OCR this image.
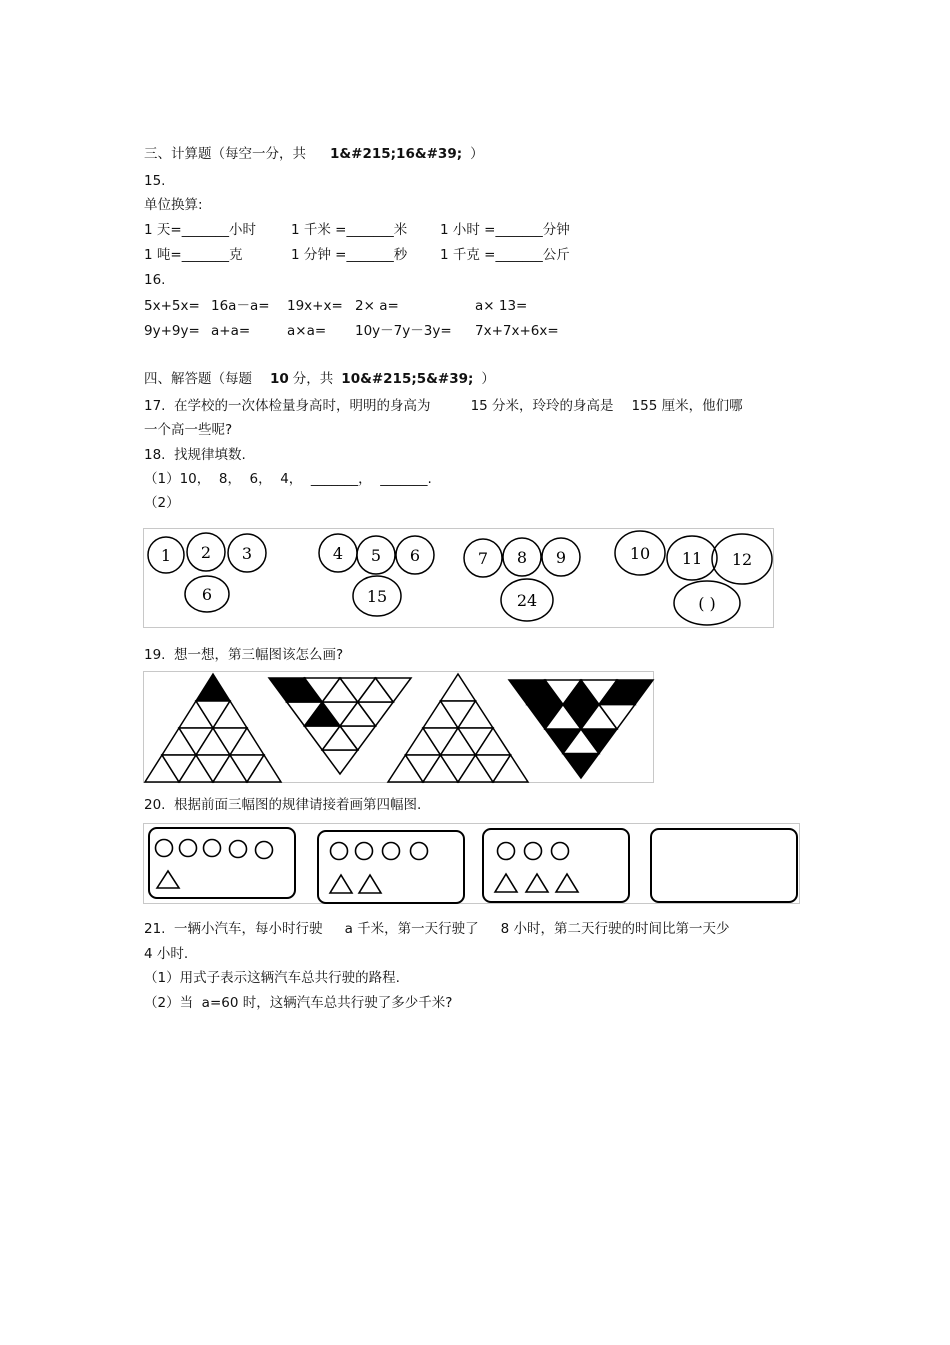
三、计算题（每空一分，共 1&#215;16&#39; ）
15.
单位换算:
1 天=_______小时	1 千米 =_______米 1 小时 =_______分钟
1 吨=_______克	1 分钟 =_______秒 1 千克 =_______公斤
16.
5x+5x= 16a－a= 19x+x= 2× a=	a× 13=
9y+9y= a+a=	a×a= 10y－7y－3y= 7x+7x+6x=
四、解答题（每题 10 分，共 10&#215;5&#39; ）
17.  在学校的一次体检量身高时，明明的身高为	15 分米，玲玲的身高是 155 厘米，他们哪
一个高一些呢?
18.  找规律填数.
（1）10，  8，  6，  4，  _______，  _______.
（2）
1 2 3
6
4 5 6
15
7 8 9
24
10 11 12
( )
19.  想一想，第三幅图该怎么画?
20.  根据前面三幅图的规律请接着画第四幅图.
21.  一辆小汽车，每小时行驶 a 千米，第一天行驶了 8 小时，第二天行驶的时间比第一天少
4 小时.
（1）用式子表示这辆汽车总共行驶的路程.
（2）当  a=60 时，这辆汽车总共行驶了多少千米?
